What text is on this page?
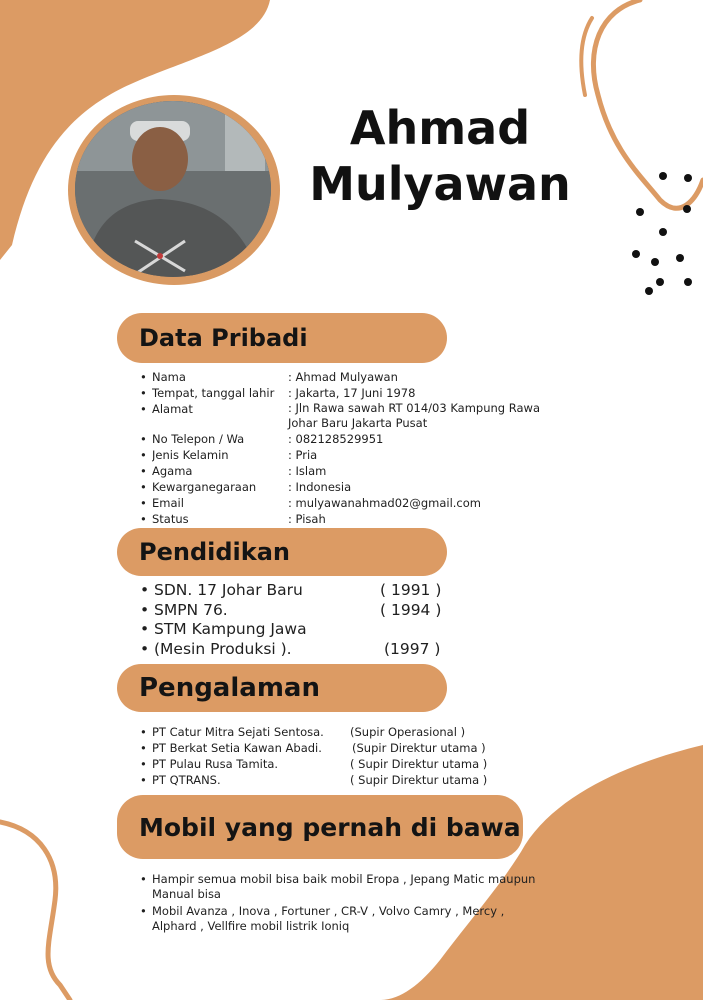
Ahmad
Mulyawan
Data Pribadi
• Nama	: Ahmad Mulyawan
• Tempat, tanggal lahir	: Jakarta, 17 Juni 1978
• Alamat	: Jln Rawa sawah RT 014/03 Kampung Rawa Johar Baru Jakarta Pusat
• No Telepon / Wa	: 082128529951
• Jenis Kelamin	: Pria
• Agama	: Islam
• Kewarganegaraan	: Indonesia
• Email	: mulyawanahmad02@gmail.com
• Status	: Pisah
Pendidikan
• SDN. 17 Johar Baru	( 1991 )
• SMPN 76.	( 1994 )
• STM Kampung Jawa
• (Mesin Produksi ).	(1997 )
Pengalaman
• PT Catur Mitra Sejati Sentosa.	(Supir Operasional )
• PT Berkat Setia Kawan Abadi.	(Supir Direktur utama )
• PT Pulau Rusa Tamita.	( Supir Direktur utama )
• PT QTRANS.	( Supir Direktur utama )
Mobil yang pernah di bawa
• Hampir semua mobil bisa baik mobil Eropa , Jepang Matic maupun Manual bisa
• Mobil Avanza , Inova , Fortuner , CR-V , Volvo Camry , Mercy , Alphard , Vellfire mobil listrik Ioniq
